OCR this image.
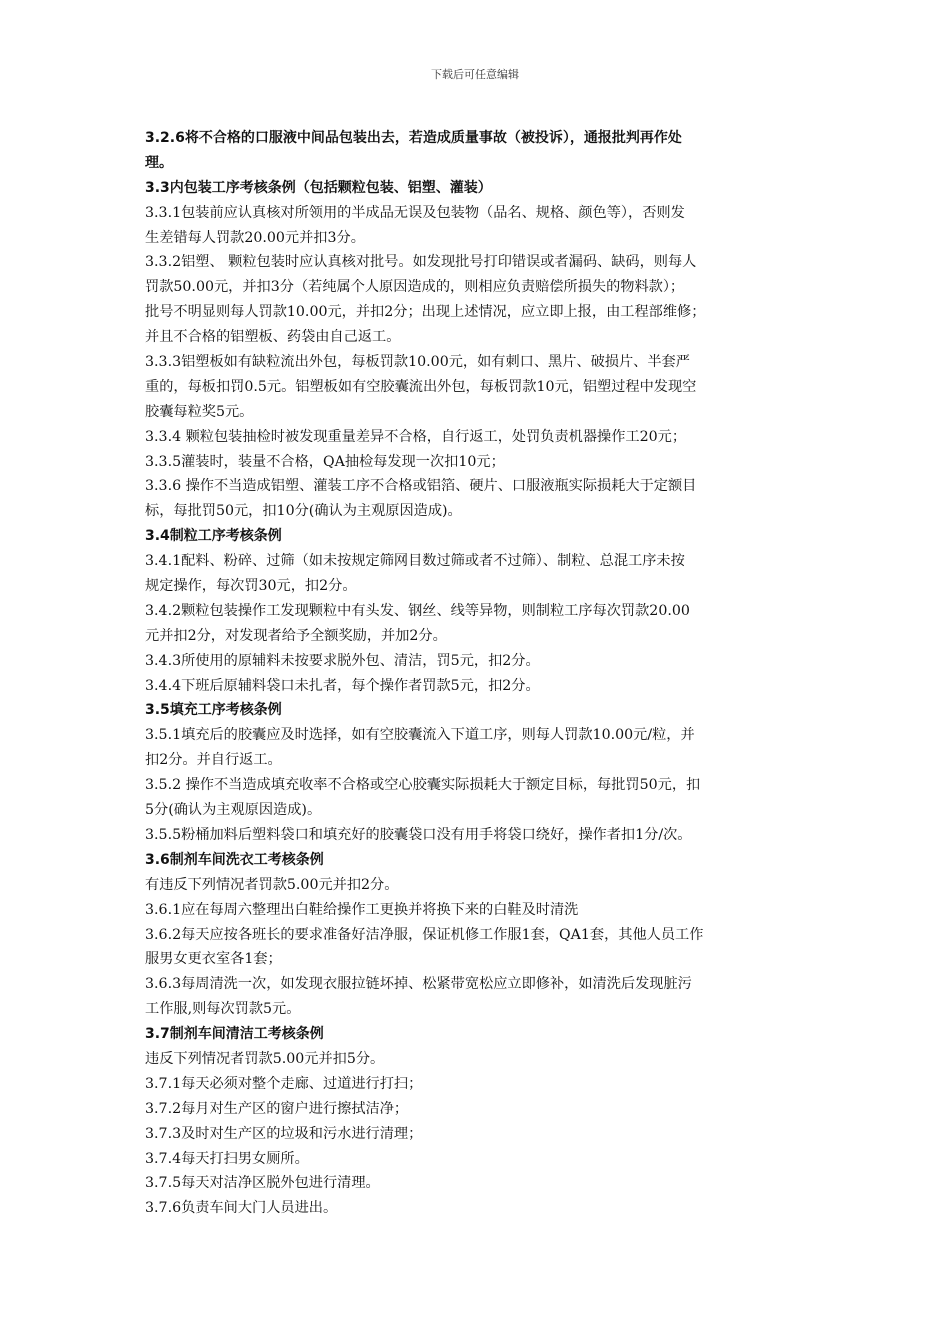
下载后可任意编辑
3.2.6将不合格的口服液中间品包装出去，若造成质量事故（被投诉），通报批判再作处
理。
3.3内包装工序考核条例（包括颗粒包装、铝塑、灌装）
3.3.1包装前应认真核对所领用的半成品无误及包装物（品名、规格、颜色等），否则发
生差错每人罚款20.00元并扣3分。
3.3.2铝塑、 颗粒包装时应认真核对批号。如发现批号打印错误或者漏码、缺码，则每人
罚款50.00元，并扣3分（若纯属个人原因造成的，则相应负责赔偿所损失的物料款）；
批号不明显则每人罚款10.00元，并扣2分；出现上述情况，应立即上报，由工程部维修；
并且不合格的铝塑板、药袋由自己返工。
3.3.3铝塑板如有缺粒流出外包，每板罚款10.00元，如有刺口、黑片、破损片、半套严
重的，每板扣罚0.5元。铝塑板如有空胶囊流出外包，每板罚款10元，铝塑过程中发现空
胶囊每粒奖5元。
3.3.4 颗粒包装抽检时被发现重量差异不合格，自行返工，处罚负责机器操作工20元；
3.3.5灌装时，装量不合格，QA抽检每发现一次扣10元；
3.3.6 操作不当造成铝塑、灌装工序不合格或铝箔、硬片、口服液瓶实际损耗大于定额目
标，每批罚50元，扣10分(确认为主观原因造成)。
3.4制粒工序考核条例
3.4.1配料、粉碎、过筛（如未按规定筛网目数过筛或者不过筛）、制粒、总混工序未按
规定操作，每次罚30元，扣2分。
3.4.2颗粒包装操作工发现颗粒中有头发、钢丝、线等异物，则制粒工序每次罚款20.00
元并扣2分，对发现者给予全额奖励，并加2分。
3.4.3所使用的原辅料未按要求脱外包、清洁，罚5元，扣2分。
3.4.4下班后原辅料袋口未扎者，每个操作者罚款5元，扣2分。
3.5填充工序考核条例
3.5.1填充后的胶囊应及时选择，如有空胶囊流入下道工序，则每人罚款10.00元/粒，并
扣2分。并自行返工。
3.5.2 操作不当造成填充收率不合格或空心胶囊实际损耗大于额定目标，每批罚50元，扣
5分(确认为主观原因造成)。
3.5.5粉桶加料后塑料袋口和填充好的胶囊袋口没有用手将袋口绕好，操作者扣1分/次。
3.6制剂车间洗衣工考核条例
有违反下列情况者罚款5.00元并扣2分。
3.6.1应在每周六整理出白鞋给操作工更换并将换下来的白鞋及时清洗
3.6.2每天应按各班长的要求准备好洁净服，保证机修工作服1套，QA1套，其他人员工作
服男女更衣室各1套；
3.6.3每周清洗一次，如发现衣服拉链坏掉、松紧带宽松应立即修补，如清洗后发现脏污
工作服,则每次罚款5元。
3.7制剂车间清洁工考核条例
违反下列情况者罚款5.00元并扣5分。
3.7.1每天必须对整个走廊、过道进行打扫；
3.7.2每月对生产区的窗户进行擦拭洁净；
3.7.3及时对生产区的垃圾和污水进行清理；
3.7.4每天打扫男女厕所。
3.7.5每天对洁净区脱外包进行清理。
3.7.6负责车间大门人员进出。
